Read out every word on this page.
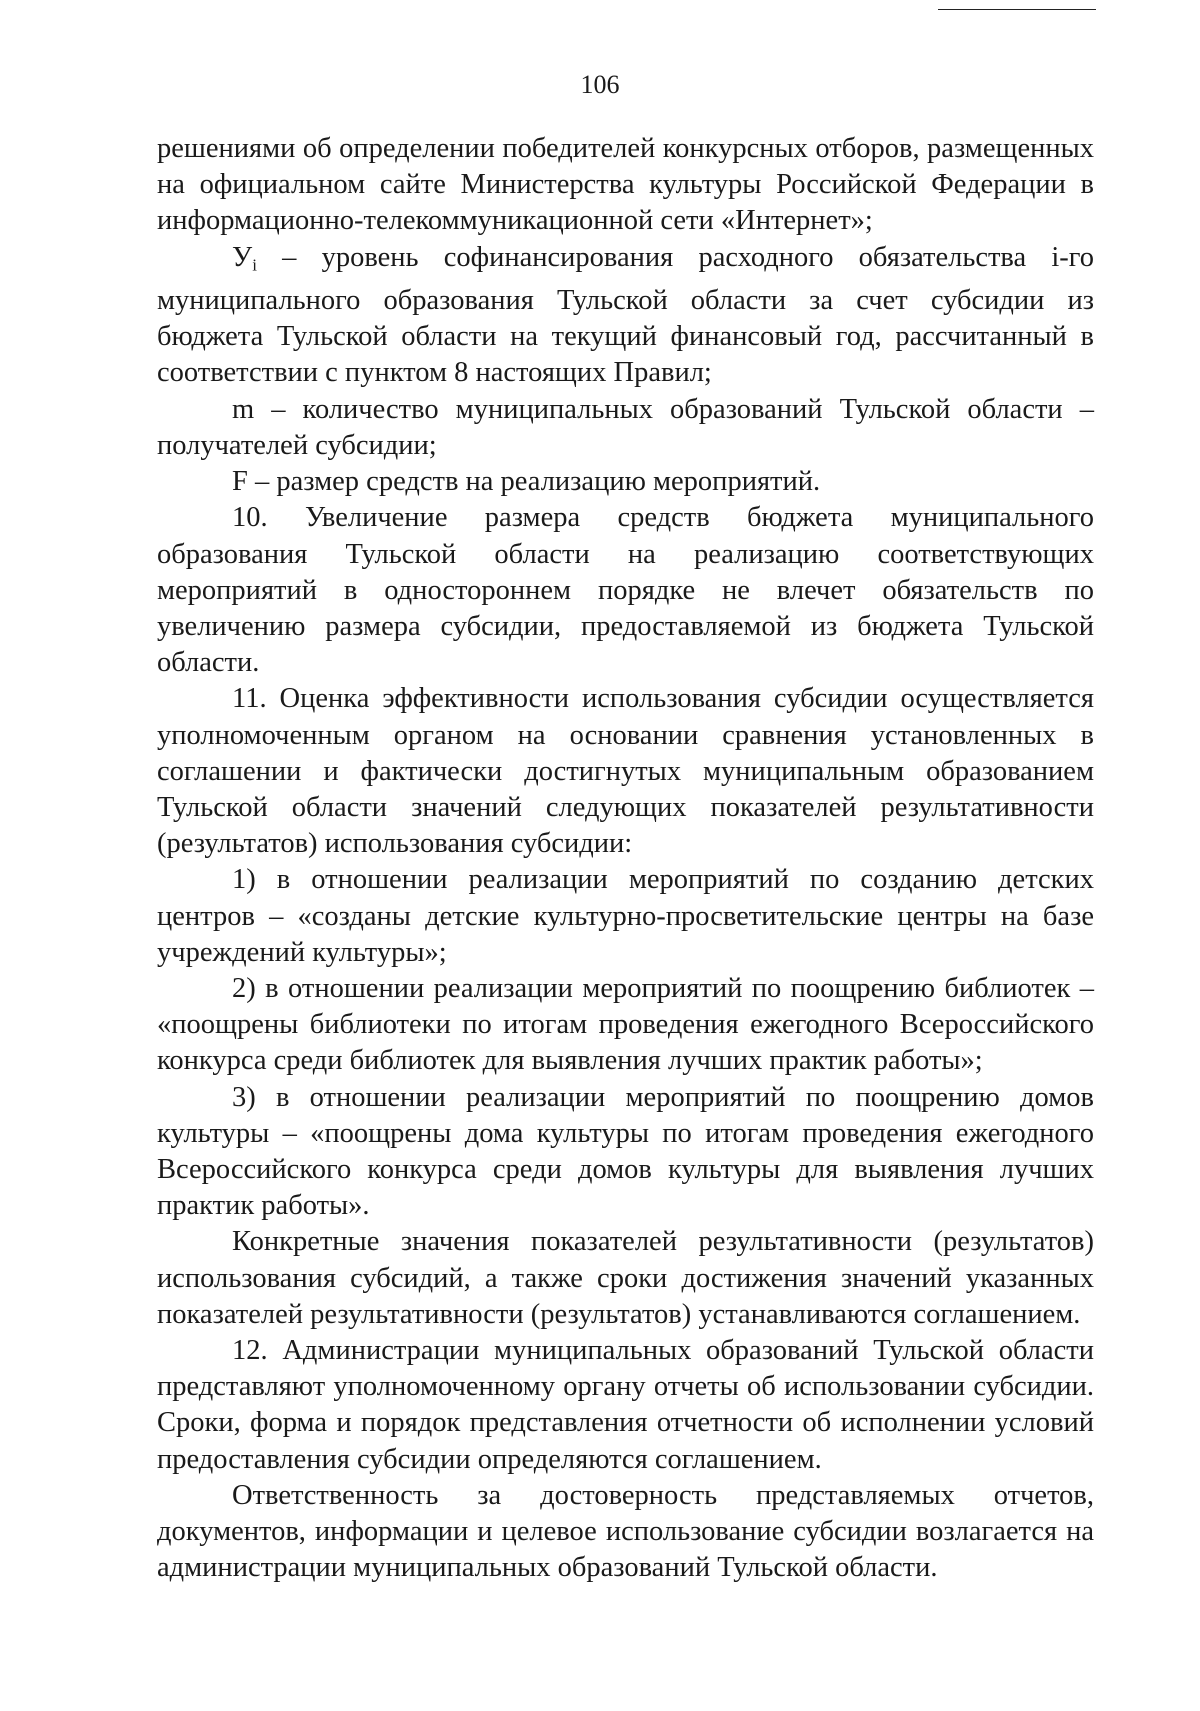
106

решениями об определении победителей конкурсных отборов, размещенных на официальном сайте Министерства культуры Российской Федерации в информационно-телекоммуникационной сети «Интернет»;

$У_i$ – уровень софинансирования расходного обязательства i-го муниципального образования Тульской области за счет субсидии из бюджета Тульской области на текущий финансовый год, рассчитанный в соответствии с пунктом 8 настоящих Правил;

m – количество муниципальных образований Тульской области – получателей субсидии;

F – размер средств на реализацию мероприятий.

10. Увеличение размера средств бюджета муниципального образования Тульской области на реализацию соответствующих мероприятий в одностороннем порядке не влечет обязательств по увеличению размера субсидии, предоставляемой из бюджета Тульской области.

11. Оценка эффективности использования субсидии осуществляется уполномоченным органом на основании сравнения установленных в соглашении и фактически достигнутых муниципальным образованием Тульской области значений следующих показателей результативности (результатов) использования субсидии:

1) в отношении реализации мероприятий по созданию детских центров – «созданы детские культурно-просветительские центры на базе учреждений культуры»;

2) в отношении реализации мероприятий по поощрению библиотек – «поощрены библиотеки по итогам проведения ежегодного Всероссийского конкурса среди библиотек для выявления лучших практик работы»;

3) в отношении реализации мероприятий по поощрению домов культуры – «поощрены дома культуры по итогам проведения ежегодного Всероссийского конкурса среди домов культуры для выявления лучших практик работы».

Конкретные значения показателей результативности (результатов) использования субсидий, а также сроки достижения значений указанных показателей результативности (результатов) устанавливаются соглашением.

12. Администрации муниципальных образований Тульской области представляют уполномоченному органу отчеты об использовании субсидии. Сроки, форма и порядок представления отчетности об исполнении условий предоставления субсидии определяются соглашением.

Ответственность за достоверность представляемых отчетов, документов, информации и целевое использование субсидии возлагается на администрации муниципальных образований Тульской области.
